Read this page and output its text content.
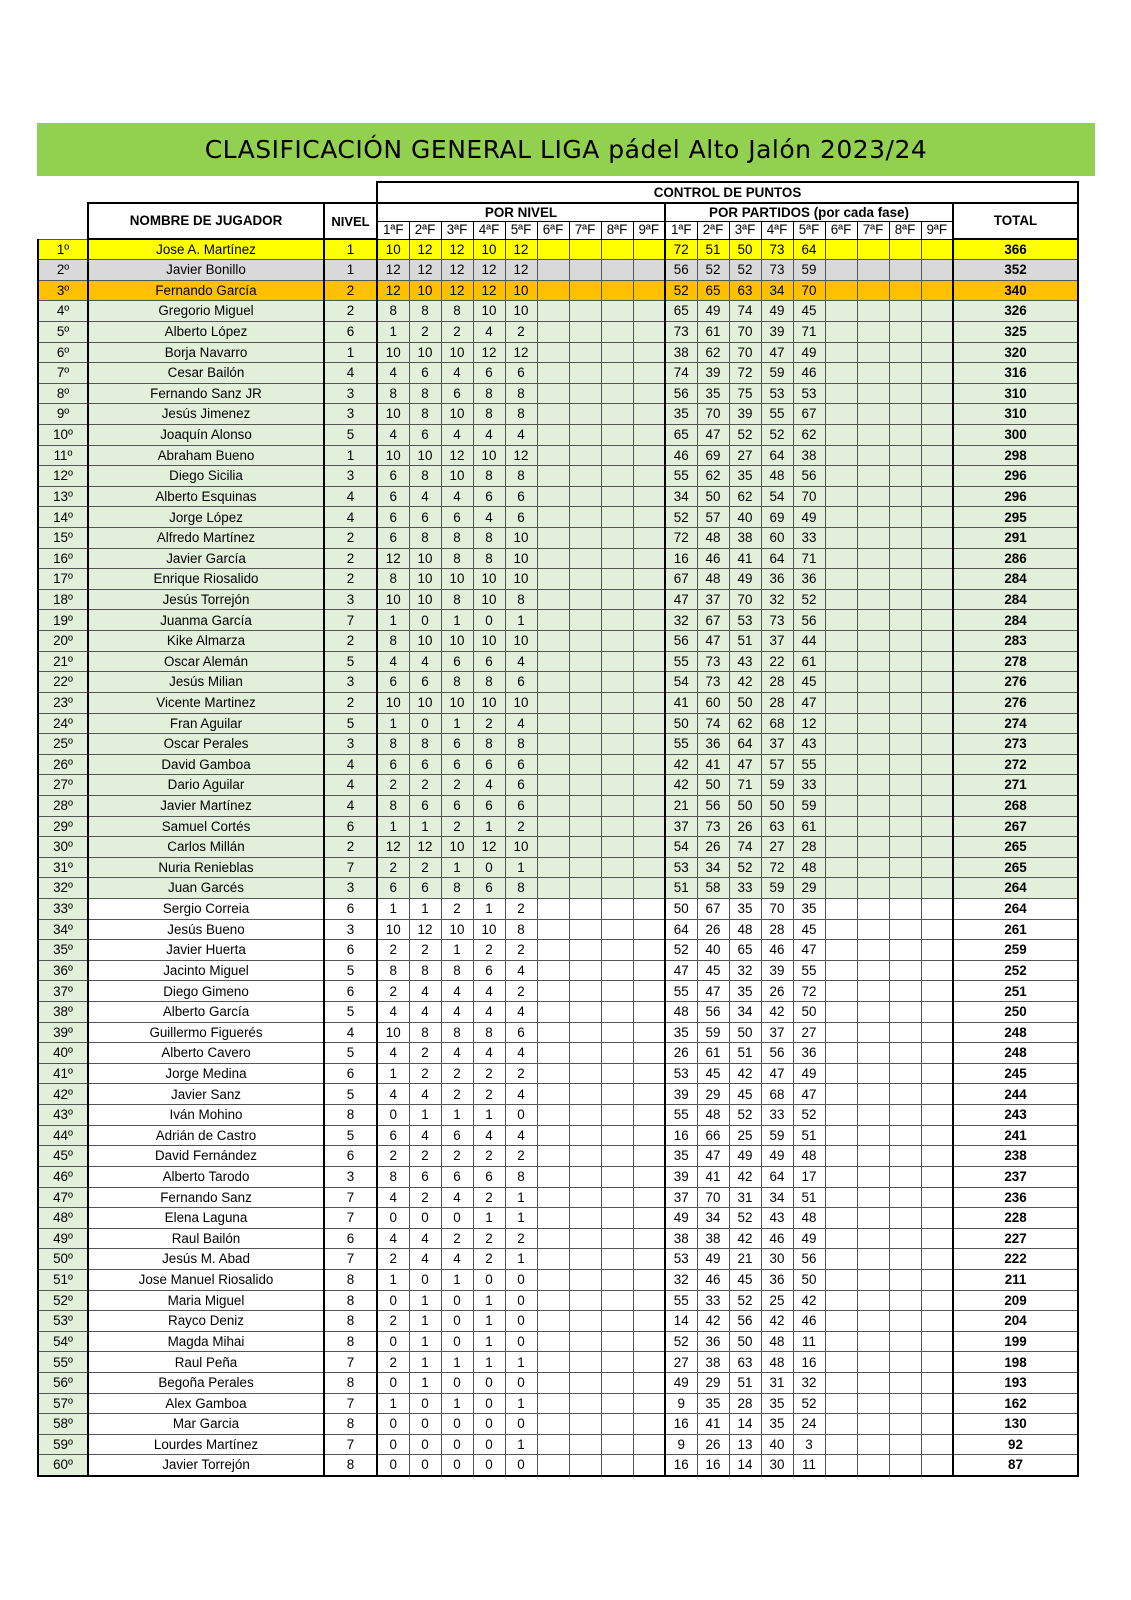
CLASIFICACIÓN GENERAL LIGA pádel Alto Jalón 2023/24
			CONTROL DE PUNTOS																		
	NOMBRE DE JUGADOR	NIVEL	POR NIVEL									POR PARTIDOS (por cada fase)									TOTAL
			1ªF	2ªF	3ªF	4ªF	5ªF	6ªF	7ªF	8ªF	9ªF	1ªF	2ªF	3ªF	4ªF	5ªF	6ªF	7ªF	8ªF	9ªF	
1º	Jose A. Martínez	1	10	12	12	10	12					72	51	50	73	64					366
2º	Javier Bonillo	1	12	12	12	12	12					56	52	52	73	59					352
3º	Fernando García	2	12	10	12	12	10					52	65	63	34	70					340
4º	Gregorio Miguel	2	8	8	8	10	10					65	49	74	49	45					326
5º	Alberto López	6	1	2	2	4	2					73	61	70	39	71					325
6º	Borja Navarro	1	10	10	10	12	12					38	62	70	47	49					320
7º	Cesar Bailón	4	4	6	4	6	6					74	39	72	59	46					316
8º	Fernando Sanz JR	3	8	8	6	8	8					56	35	75	53	53					310
9º	Jesús Jimenez	3	10	8	10	8	8					35	70	39	55	67					310
10º	Joaquín Alonso	5	4	6	4	4	4					65	47	52	52	62					300
11º	Abraham Bueno	1	10	10	12	10	12					46	69	27	64	38					298
12º	Diego Sicilia	3	6	8	10	8	8					55	62	35	48	56					296
13º	Alberto Esquinas	4	6	4	4	6	6					34	50	62	54	70					296
14º	Jorge López	4	6	6	6	4	6					52	57	40	69	49					295
15º	Alfredo Martínez	2	6	8	8	8	10					72	48	38	60	33					291
16º	Javier García	2	12	10	8	8	10					16	46	41	64	71					286
17º	Enrique Riosalido	2	8	10	10	10	10					67	48	49	36	36					284
18º	Jesús Torrejón	3	10	10	8	10	8					47	37	70	32	52					284
19º	Juanma García	7	1	0	1	0	1					32	67	53	73	56					284
20º	Kike Almarza	2	8	10	10	10	10					56	47	51	37	44					283
21º	Oscar Alemán	5	4	4	6	6	4					55	73	43	22	61					278
22º	Jesús Milian	3	6	6	8	8	6					54	73	42	28	45					276
23º	Vicente Martinez	2	10	10	10	10	10					41	60	50	28	47					276
24º	Fran Aguilar	5	1	0	1	2	4					50	74	62	68	12					274
25º	Oscar Perales	3	8	8	6	8	8					55	36	64	37	43					273
26º	David Gamboa	4	6	6	6	6	6					42	41	47	57	55					272
27º	Dario Aguilar	4	2	2	2	4	6					42	50	71	59	33					271
28º	Javier Martínez	4	8	6	6	6	6					21	56	50	50	59					268
29º	Samuel Cortés	6	1	1	2	1	2					37	73	26	63	61					267
30º	Carlos Millán	2	12	12	10	12	10					54	26	74	27	28					265
31º	Nuria Renieblas	7	2	2	1	0	1					53	34	52	72	48					265
32º	Juan Garcés	3	6	6	8	6	8					51	58	33	59	29					264
33º	Sergio Correia	6	1	1	2	1	2					50	67	35	70	35					264
34º	Jesús Bueno	3	10	12	10	10	8					64	26	48	28	45					261
35º	Javier Huerta	6	2	2	1	2	2					52	40	65	46	47					259
36º	Jacinto Miguel	5	8	8	8	6	4					47	45	32	39	55					252
37º	Diego Gimeno	6	2	4	4	4	2					55	47	35	26	72					251
38º	Alberto García	5	4	4	4	4	4					48	56	34	42	50					250
39º	Guillermo Figuerés	4	10	8	8	8	6					35	59	50	37	27					248
40º	Alberto Cavero	5	4	2	4	4	4					26	61	51	56	36					248
41º	Jorge Medina	6	1	2	2	2	2					53	45	42	47	49					245
42º	Javier Sanz	5	4	4	2	2	4					39	29	45	68	47					244
43º	Iván Mohino	8	0	1	1	1	0					55	48	52	33	52					243
44º	Adrián de Castro	5	6	4	6	4	4					16	66	25	59	51					241
45º	David Fernández	6	2	2	2	2	2					35	47	49	49	48					238
46º	Alberto Tarodo	3	8	6	6	6	8					39	41	42	64	17					237
47º	Fernando Sanz	7	4	2	4	2	1					37	70	31	34	51					236
48º	Elena Laguna	7	0	0	0	1	1					49	34	52	43	48					228
49º	Raul Bailón	6	4	4	2	2	2					38	38	42	46	49					227
50º	Jesús M. Abad	7	2	4	4	2	1					53	49	21	30	56					222
51º	Jose Manuel Riosalido	8	1	0	1	0	0					32	46	45	36	50					211
52º	Maria Miguel	8	0	1	0	1	0					55	33	52	25	42					209
53º	Rayco Deniz	8	2	1	0	1	0					14	42	56	42	46					204
54º	Magda Mihai	8	0	1	0	1	0					52	36	50	48	11					199
55º	Raul Peña	7	2	1	1	1	1					27	38	63	48	16					198
56º	Begoña Perales	8	0	1	0	0	0					49	29	51	31	32					193
57º	Alex Gamboa	7	1	0	1	0	1					9	35	28	35	52					162
58º	Mar Garcia	8	0	0	0	0	0					16	41	14	35	24					130
59º	Lourdes Martínez	7	0	0	0	0	1					9	26	13	40	3					92
60º	Javier Torrejón	8	0	0	0	0	0					16	16	14	30	11					87
